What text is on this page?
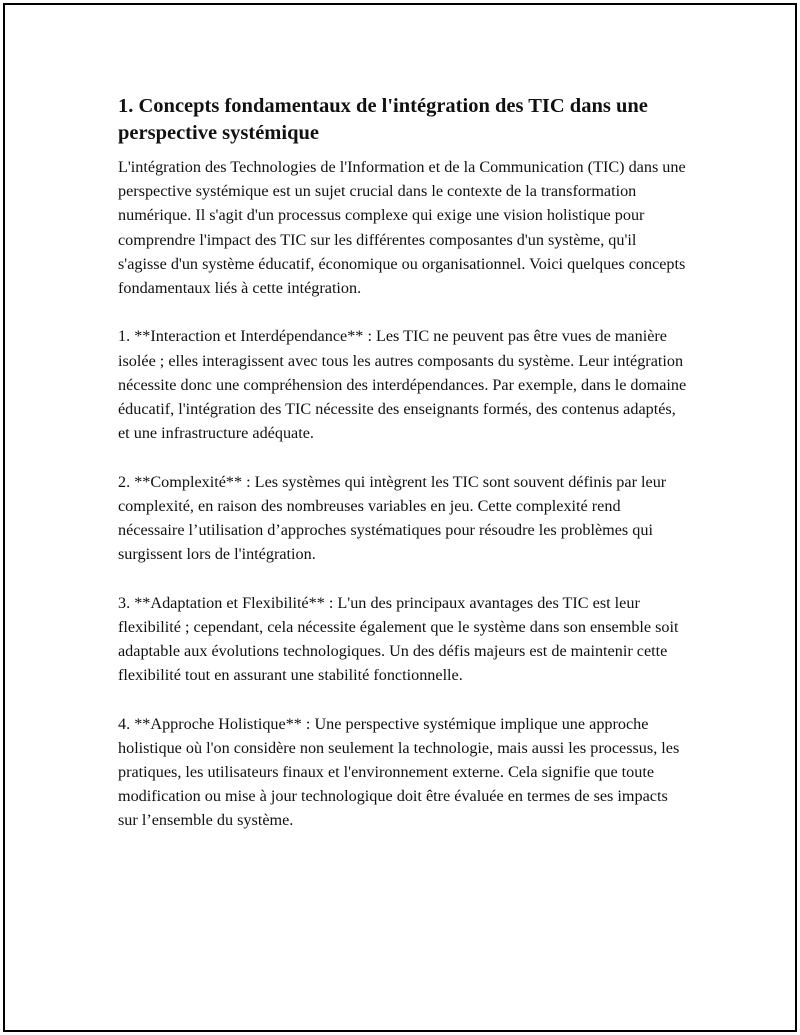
1. Concepts fondamentaux de l'intégration des TIC dans une perspective systémique

L'intégration des Technologies de l'Information et de la Communication (TIC) dans une perspective systémique est un sujet crucial dans le contexte de la transformation numérique. Il s'agit d'un processus complexe qui exige une vision holistique pour comprendre l'impact des TIC sur les différentes composantes d'un système, qu'il s'agisse d'un système éducatif, économique ou organisationnel. Voici quelques concepts fondamentaux liés à cette intégration.

1. **Interaction et Interdépendance** : Les TIC ne peuvent pas être vues de manière isolée ; elles interagissent avec tous les autres composants du système. Leur intégration nécessite donc une compréhension des interdépendances. Par exemple, dans le domaine éducatif, l'intégration des TIC nécessite des enseignants formés, des contenus adaptés, et une infrastructure adéquate.

2. **Complexité** : Les systèmes qui intègrent les TIC sont souvent définis par leur complexité, en raison des nombreuses variables en jeu. Cette complexité rend nécessaire l’utilisation d’approches systématiques pour résoudre les problèmes qui surgissent lors de l'intégration.

3. **Adaptation et Flexibilité** : L'un des principaux avantages des TIC est leur flexibilité ; cependant, cela nécessite également que le système dans son ensemble soit adaptable aux évolutions technologiques. Un des défis majeurs est de maintenir cette flexibilité tout en assurant une stabilité fonctionnelle.

4. **Approche Holistique** : Une perspective systémique implique une approche holistique où l'on considère non seulement la technologie, mais aussi les processus, les pratiques, les utilisateurs finaux et l'environnement externe. Cela signifie que toute modification ou mise à jour technologique doit être évaluée en termes de ses impacts sur l’ensemble du système.
